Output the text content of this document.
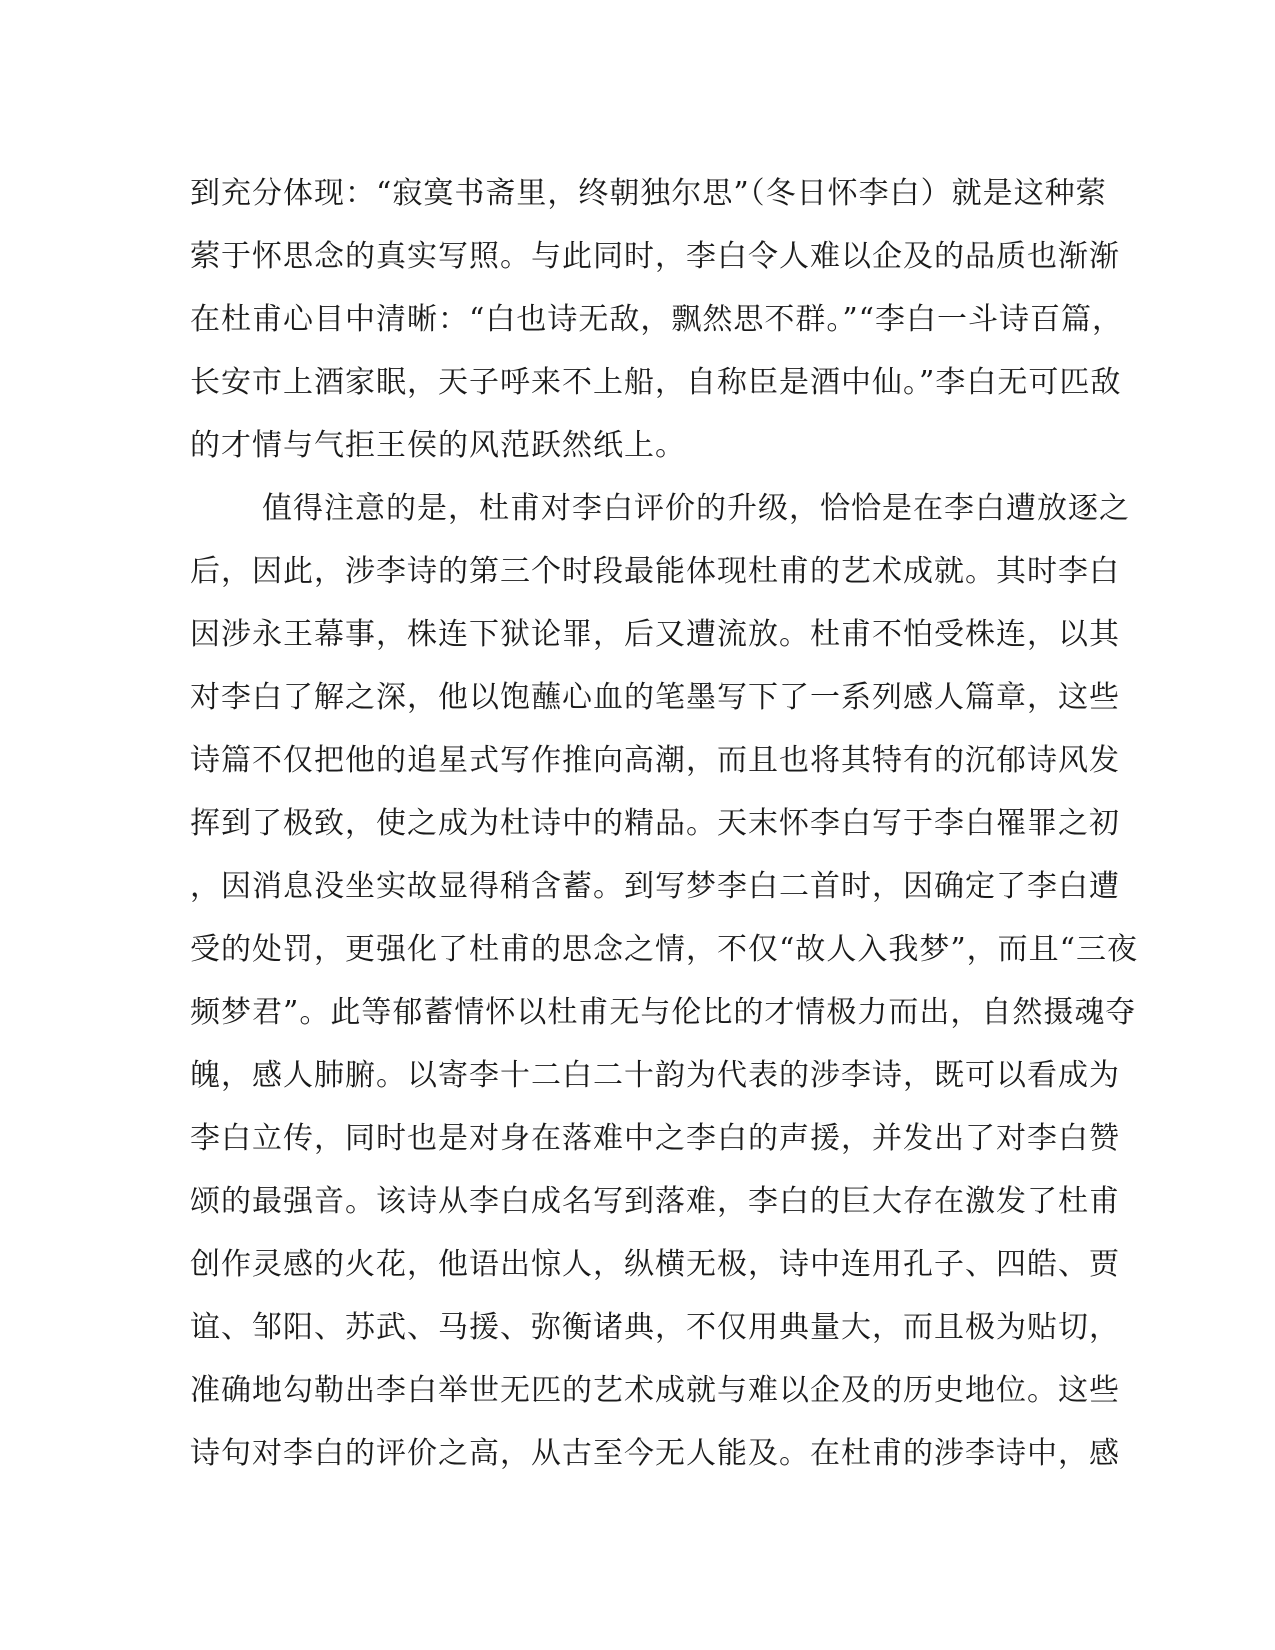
到充分体现：“寂寞书斋里，终朝独尔思”（冬日怀李白）就是这种萦
萦于怀思念的真实写照。与此同时，李白令人难以企及的品质也渐渐
在杜甫心目中清晰：“白也诗无敌，飘然思不群。”“李白一斗诗百篇，
长安市上酒家眠，天子呼来不上船，自称臣是酒中仙。”李白无可匹敌
的才情与气拒王侯的风范跃然纸上。
值得注意的是，杜甫对李白评价的升级，恰恰是在李白遭放逐之
后，因此，涉李诗的第三个时段最能体现杜甫的艺术成就。其时李白
因涉永王幕事，株连下狱论罪，后又遭流放。杜甫不怕受株连，以其
对李白了解之深，他以饱蘸心血的笔墨写下了一系列感人篇章，这些
诗篇不仅把他的追星式写作推向高潮，而且也将其特有的沉郁诗风发
挥到了极致，使之成为杜诗中的精品。天末怀李白写于李白罹罪之初
，因消息没坐实故显得稍含蓄。到写梦李白二首时，因确定了李白遭
受的处罚，更强化了杜甫的思念之情，不仅“故人入我梦”，而且“三夜
频梦君”。此等郁蓄情怀以杜甫无与伦比的才情极力而出，自然摄魂夺
魄，感人肺腑。以寄李十二白二十韵为代表的涉李诗，既可以看成为
李白立传，同时也是对身在落难中之李白的声援，并发出了对李白赞
颂的最强音。该诗从李白成名写到落难，李白的巨大存在激发了杜甫
创作灵感的火花，他语出惊人，纵横无极，诗中连用孔子、四皓、贾
谊、邹阳、苏武、马援、弥衡诸典，不仅用典量大，而且极为贴切，
准确地勾勒出李白举世无匹的艺术成就与难以企及的历史地位。这些
诗句对李白的评价之高，从古至今无人能及。在杜甫的涉李诗中，感
